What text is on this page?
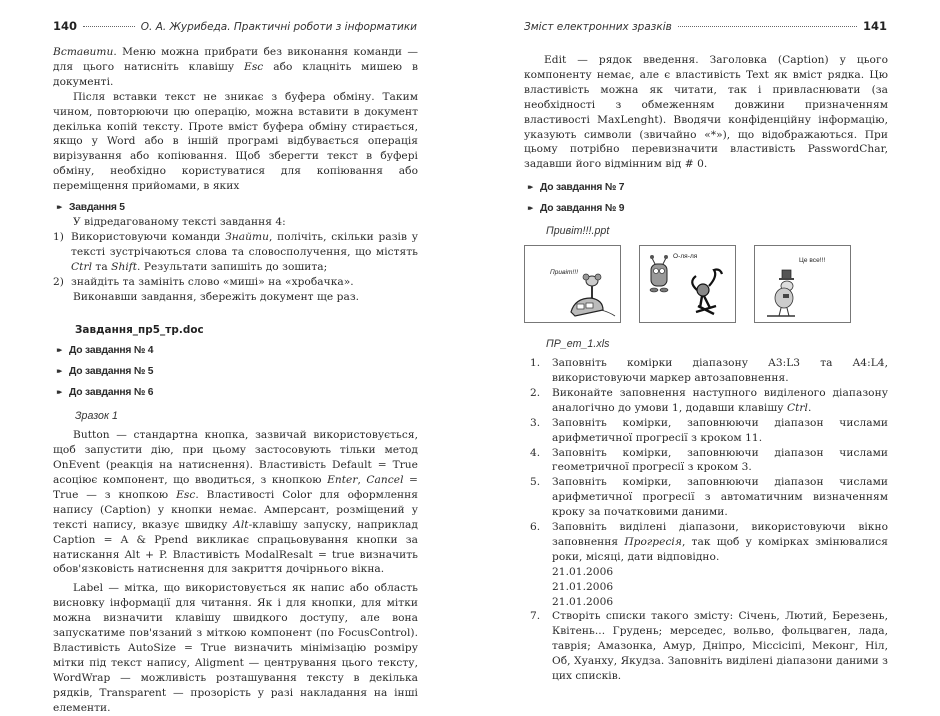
140	О. А. Журибеда. Практичні роботи з інформатики

Вставити. Меню можна прибрати без виконання команди — для цього натисніть клавішу Esc або клацніть мишею в документі.

Після вставки текст не зникає з буфера обміну. Таким чином, повторюючи цю операцію, можна вставити в документ декілька копій тексту. Проте вміст буфера обміну стирається, якщо у Word або в іншій програмі відбувається операція вирізування або копіювання. Щоб зберегти текст в буфері обміну, необхідно користуватися для копіювання або переміщення прийомами, в яких

▸▸ Завдання 5

У відредагованому тексті завдання 4:

1) Використовуючи команди Знайти, полічіть, скільки разів у тексті зустрічаються слова та словосполучення, що містять Ctrl та Shift. Результати запишіть до зошита;
2) знайдіть та замініть слово «миші» на «хробачка».

Виконавши завдання, збережіть документ ще раз.

Завдання_пр5_тр.doc
▸▸ До завдання № 4
▸▸ До завдання № 5
▸▸ До завдання № 6
Зразок 1

Button — стандартна кнопка, зазвичай використовується, щоб запустити дію, при цьому застосовують тільки метод OnEvent (реакція на натиснення). Властивість Default = True асоціює компонент, що вводиться, з кнопкою Enter, Cancel = True — з кнопкою Esc. Властивості Color для оформлення напису (Caption) у кнопки немає. Амперсант, розміщений у тексті напису, вказує швидку Alt-клавішу запуску, наприклад Caption = A & Ppend викликає спрацьовування кнопки за натискання Alt + P. Властивість ModalResalt = true визначить обов'язковість натиснення для закриття дочірнього вікна.

Label — мітка, що використовується як напис або область висновку інформації для читання. Як і для кнопки, для мітки можна визначити клавішу швидкого доступу, але вона запускатиме пов'язаний з міткою компонент (по FocusControl). Властивість AutoSize = True визначить мінімізацію розміру мітки під текст напису, Aligment — центрування цього тексту, WordWrap — можливість розташування тексту в декілька рядків, Transparent — прозорість у разі накладання на інші елементи.

Зміст електронних зразків	141

Edit — рядок введення. Заголовка (Caption) у цього компоненту немає, але є властивість Text як вміст рядка. Цю властивість можна як читати, так і привласнювати (за необхідності з обмеженням довжини призначенням властивості MaxLenght). Вводячи конфіденційну інформацію, указують символи (звичайно «*»), що відображаються. При цьому потрібно перевизначити властивість PasswordChar, задавши його відмінним від # 0.

▸▸ До завдання № 7
▸▸ До завдання № 9
Привіт!!!.ppt
Привіт!!!
О-ля-ля
Це все!!!
ПР_ет_1.xls
1. Заповніть комірки діапазону A3:L3 та A4:L4, використовуючи маркер автозаповнення.
2. Виконайте заповнення наступного виділеного діапазону аналогічно до умови 1, додавши клавішу Ctrl.
3. Заповніть комірки, заповнюючи діапазон числами арифметичної прогресії з кроком 11.
4. Заповніть комірки, заповнюючи діапазон числами геометричної прогресії з кроком 3.
5. Заповніть комірки, заповнюючи діапазон числами арифметичної прогресії з автоматичним визначенням кроку за початковими даними.
6. Заповніть виділені діапазони, використовуючи вікно заповнення Прогресія, так щоб у комірках змінювалися роки, місяці, дати відповідно.
21.01.2006
21.01.2006
21.01.2006
7. Створіть списки такого змісту: Січень, Лютий, Березень, Квітень... Грудень; мерседес, вольво, фольцваген, лада, таврія; Амазонка, Амур, Дніпро, Міссісіпі, Меконг, Ніл, Об, Хуанху, Якудза. Заповніть виділені діапазони даними з цих списків.
